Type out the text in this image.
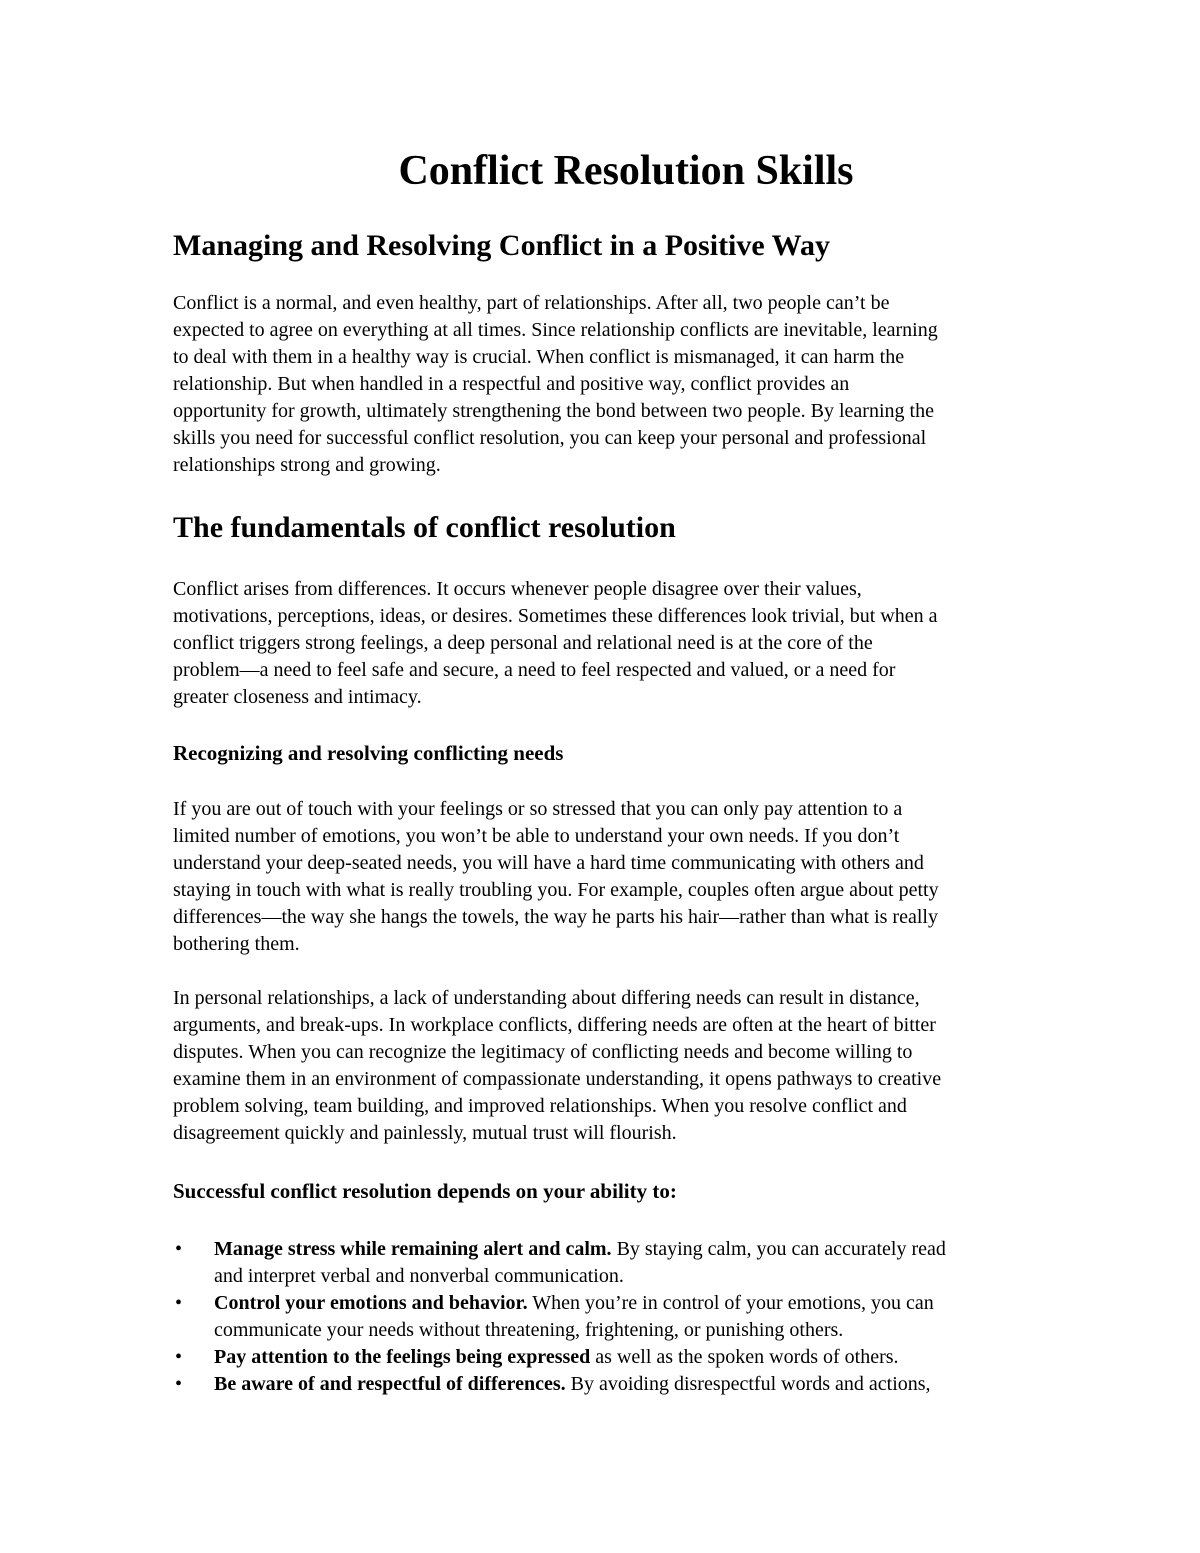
Conflict Resolution Skills
Managing and Resolving Conflict in a Positive Way

Conflict is a normal, and even healthy, part of relationships. After all, two people can’t be
expected to agree on everything at all times. Since relationship conflicts are inevitable, learning
to deal with them in a healthy way is crucial. When conflict is mismanaged, it can harm the
relationship. But when handled in a respectful and positive way, conflict provides an
opportunity for growth, ultimately strengthening the bond between two people. By learning the
skills you need for successful conflict resolution, you can keep your personal and professional
relationships strong and growing.

The fundamentals of conflict resolution

Conflict arises from differences. It occurs whenever people disagree over their values,
motivations, perceptions, ideas, or desires. Sometimes these differences look trivial, but when a
conflict triggers strong feelings, a deep personal and relational need is at the core of the
problem—a need to feel safe and secure, a need to feel respected and valued, or a need for
greater closeness and intimacy.

Recognizing and resolving conflicting needs

If you are out of touch with your feelings or so stressed that you can only pay attention to a
limited number of emotions, you won’t be able to understand your own needs. If you don’t
understand your deep-seated needs, you will have a hard time communicating with others and
staying in touch with what is really troubling you. For example, couples often argue about petty
differences—the way she hangs the towels, the way he parts his hair—rather than what is really
bothering them.

In personal relationships, a lack of understanding about differing needs can result in distance,
arguments, and break-ups. In workplace conflicts, differing needs are often at the heart of bitter
disputes. When you can recognize the legitimacy of conflicting needs and become willing to
examine them in an environment of compassionate understanding, it opens pathways to creative
problem solving, team building, and improved relationships. When you resolve conflict and
disagreement quickly and painlessly, mutual trust will flourish.

Successful conflict resolution depends on your ability to:
• Manage stress while remaining alert and calm. By staying calm, you can accurately read
and interpret verbal and nonverbal communication.
• Control your emotions and behavior. When you’re in control of your emotions, you can
communicate your needs without threatening, frightening, or punishing others.
• Pay attention to the feelings being expressed as well as the spoken words of others.
• Be aware of and respectful of differences. By avoiding disrespectful words and actions,
